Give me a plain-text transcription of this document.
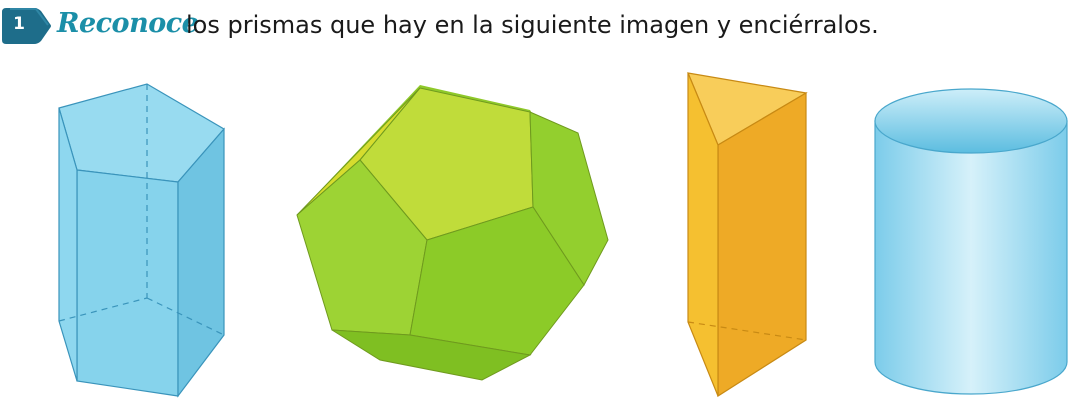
1 Reconoce
los prismas que hay en la siguiente imagen y enciérralos.
